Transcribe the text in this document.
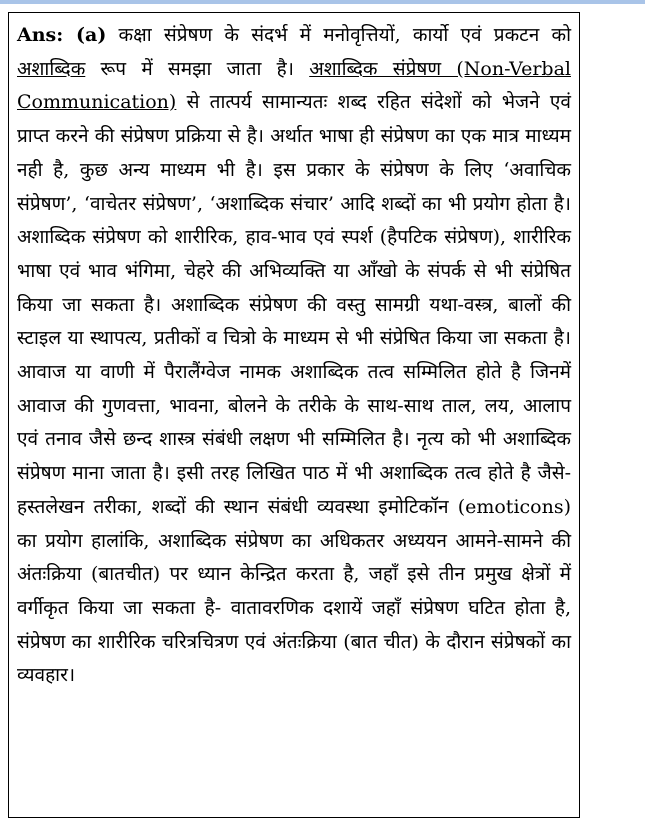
Ans: (a) कक्षा संप्रेषण के संदर्भ में मनोवृत्तियों, कार्यो एवं प्रकटन को अशाब्दिक रूप में समझा जाता है। अशाब्दिक संप्रेषण (Non-Verbal Communication) से तात्पर्य सामान्यतः शब्द रहित संदेशों को भेजने एवं प्राप्त करने की संप्रेषण प्रक्रिया से है। अर्थात भाषा ही संप्रेषण का एक मात्र माध्यम नही है, कुछ अन्य माध्यम भी है। इस प्रकार के संप्रेषण के लिए ‘अवाचिक संप्रेषण’, ‘वाचेतर संप्रेषण’, ‘अशाब्दिक संचार’ आदि शब्दों का भी प्रयोग होता है। अशाब्दिक संप्रेषण को शारीरिक, हाव-भाव एवं स्पर्श (हैपटिक संप्रेषण), शारीरिक भाषा एवं भाव भंगिमा, चेहरे की अभिव्यक्ति या आँखो के संपर्क से भी संप्रेषित किया जा सकता है। अशाब्दिक संप्रेषण की वस्तु सामग्री यथा-वस्त्र, बालों की स्टाइल या स्थापत्य, प्रतीकों व चित्रो के माध्यम से भी संप्रेषित किया जा सकता है। आवाज या वाणी में पैरालैंग्वेज नामक अशाब्दिक तत्व सम्मिलित होते है जिनमें आवाज की गुणवत्ता, भावना, बोलने के तरीके के साथ-साथ ताल, लय, आलाप एवं तनाव जैसे छन्द शास्त्र संबंधी लक्षण भी सम्मिलित है। नृत्य को भी अशाब्दिक संप्रेषण माना जाता है। इसी तरह लिखित पाठ में भी अशाब्दिक तत्व होते है जैसे-हस्तलेखन तरीका, शब्दों की स्थान संबंधी व्यवस्था इमोटिकॉन (emoticons) का प्रयोग हालांकि, अशाब्दिक संप्रेषण का अधिकतर अध्ययन आमने-सामने की अंतःक्रिया (बातचीत) पर ध्यान केन्द्रित करता है, जहाँ इसे तीन प्रमुख क्षेत्रों में वर्गीकृत किया जा सकता है- वातावरणिक दशायें जहाँ संप्रेषण घटित होता है, संप्रेषण का शारीरिक चरित्रचित्रण एवं अंतःक्रिया (बात चीत) के दौरान संप्रेषकों का व्यवहार।
